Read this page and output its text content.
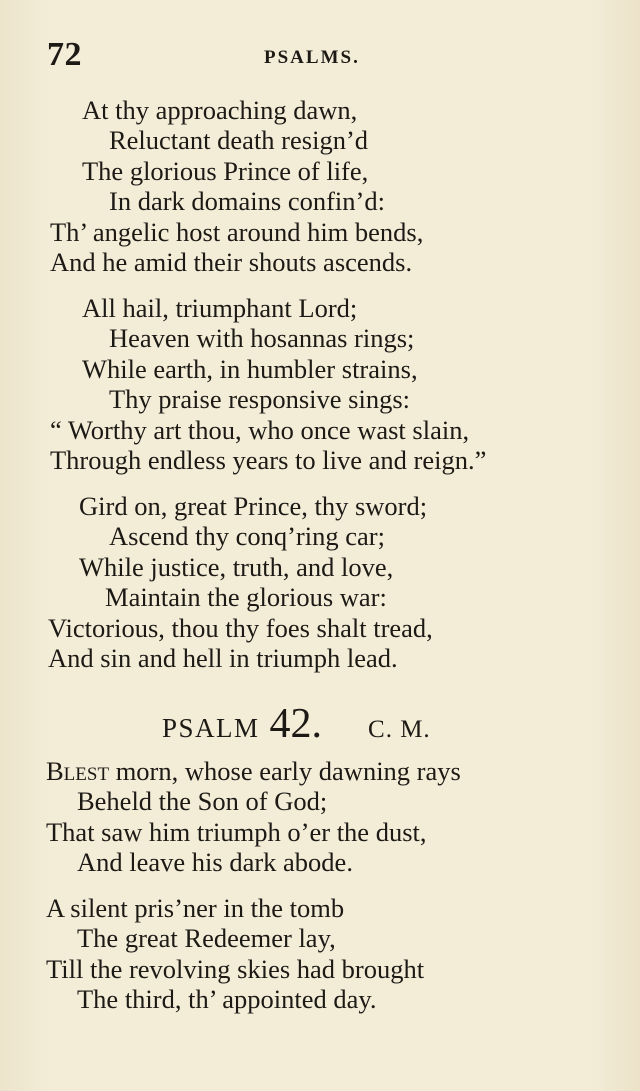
72	PSALMS.
At thy approaching dawn,
Reluctant death resign’d
The glorious Prince of life,
In dark domains confin’d:
Th’ angelic host around him bends,
And he amid their shouts ascends.
All hail, triumphant Lord;
Heaven with hosannas rings;
While earth, in humbler strains,
Thy praise responsive sings:
“ Worthy art thou, who once wast slain,
Through endless years to live and reign.”
Gird on, great Prince, thy sword;
Ascend thy conq’ring car;
While justice, truth, and love,
Maintain the glorious war:
Victorious, thou thy foes shalt tread,
And sin and hell in triumph lead.
PSALM 42. C. M.
Blest morn, whose early dawning rays
Beheld the Son of God;
That saw him triumph o’er the dust,
And leave his dark abode.
A silent pris’ner in the tomb
The great Redeemer lay,
Till the revolving skies had brought
The third, th’ appointed day.
